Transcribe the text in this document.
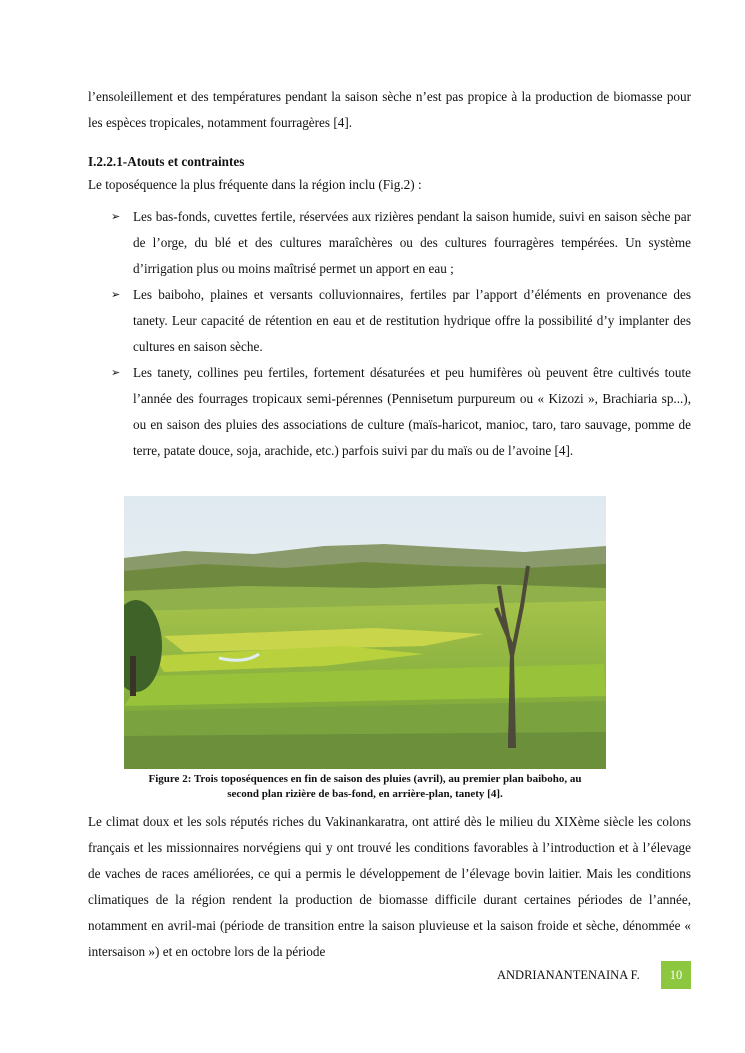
l’ensoleillement et des températures pendant la saison sèche n’est pas propice à la production de biomasse pour les espèces tropicales, notamment fourragères [4].

I.2.2.1-Atouts et contraintes

Le toposéquence la plus fréquente dans la région inclu (Fig.2) :

➢ Les bas-fonds, cuvettes fertile, réservées aux rizières pendant la saison humide, suivi en saison sèche par de l’orge, du blé et des cultures maraîchères ou des cultures fourragères tempérées. Un système d’irrigation plus ou moins maîtrisé permet un apport en eau ;
➢ Les baiboho, plaines et versants colluvionnaires, fertiles par l’apport d’éléments en provenance des tanety. Leur capacité de rétention en eau et de restitution hydrique offre la possibilité d’y implanter des cultures en saison sèche.
➢ Les tanety, collines peu fertiles, fortement désaturées et peu humifères où peuvent être cultivés toute l’année des fourrages tropicaux semi-pérennes (Pennisetum purpureum ou « Kizozi », Brachiaria sp...), ou en saison des pluies des associations de culture (maïs-haricot, manioc, taro, taro sauvage, pomme de terre, patate douce, soja, arachide, etc.) parfois suivi par du maïs ou de l’avoine [4].
Figure 2: Trois toposéquences en fin de saison des pluies (avril), au premier plan baiboho, au
second plan rizière de bas-fond, en arrière-plan, tanety [4].

Le climat doux et les sols réputés riches du Vakinankaratra, ont attiré dès le milieu du XIXème siècle les colons français et les missionnaires norvégiens qui y ont trouvé les conditions favorables à l’introduction et à l’élevage de vaches de races améliorées, ce qui a permis le développement de l’élevage bovin laitier. Mais les conditions climatiques de la région rendent la production de biomasse difficile durant certaines périodes de l’année, notamment en avril-mai (période de transition entre la saison pluvieuse et la saison froide et sèche, dénommée « intersaison ») et en octobre lors de la période

ANDRIANANTENAINA F.	10
